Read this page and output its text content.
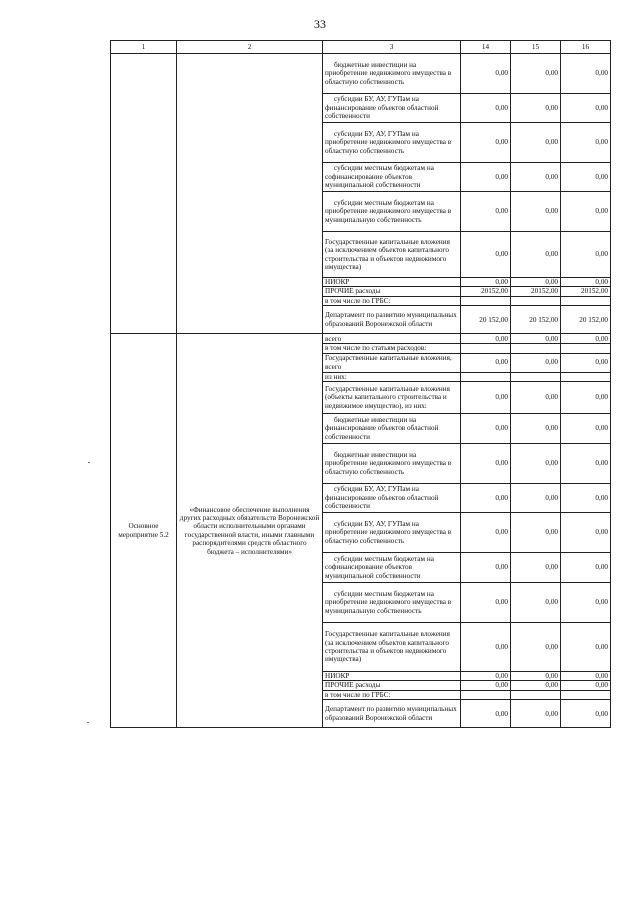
33
1	2	3	14	15	16
		бюджетные инвестиции на приобретение недвижимого имущества в областную собственность	0,00	0,00	0,00
		субсидии БУ, АУ, ГУПам на финансирование объектов областной собственности	0,00	0,00	0,00
		субсидии БУ, АУ, ГУПам на приобретение недвижимого имущества в областную собственность	0,00	0,00	0,00
		субсидии местным бюджетам на софинансирование объектов муниципальной собственности	0,00	0,00	0,00
		субсидии местным бюджетам на приобретение недвижимого имущества в муниципальную собственность	0,00	0,00	0,00
		Государственные капитальные вложения (за исключением объектов капитального строительства и объектов недвижимого имущества)	0,00	0,00	0,00
		НИОКР	0,00	0,00	0,00
		ПРОЧИЕ расходы	20152,00	20152,00	20152,00
		в том числе по ГРБС:			
		Департамент по развитию муниципальных образований Воронежской области	20 152,00	20 152,00	20 152,00
Основное мероприятие 5.2	«Финансовое обеспечение выполнения других расходных обязательств Воронежской области исполнительными органами государственной власти, иными главными распорядителями средств областного бюджета – исполнителями»	всего	0,00	0,00	0,00
		в том числе по статьям расходов:			
		Государственные капитальные вложения, всего	0,00	0,00	0,00
		из них:			
		Государственные капитальные вложения (объекты капитального строительства и недвижимое имущество), из них:	0,00	0,00	0,00
		бюджетные инвестиции на финансирование объектов областной собственности	0,00	0,00	0,00
		бюджетные инвестиции на приобретение недвижимого имущества в областную собственность	0,00	0,00	0,00
		субсидии БУ, АУ, ГУПам на финансирование объектов областной собственности	0,00	0,00	0,00
		субсидии БУ, АУ, ГУПам на приобретение недвижимого имущества в областную собственность	0,00	0,00	0,00
		субсидии местным бюджетам на софинансирование объектов муниципальной собственности	0,00	0,00	0,00
		субсидии местным бюджетам на приобретение недвижимого имущества в муниципальную собственность	0,00	0,00	0,00
		Государственные капитальные вложения (за исключением объектов капитального строительства и объектов недвижимого имущества)	0,00	0,00	0,00
		НИОКР	0,00	0,00	0,00
		ПРОЧИЕ расходы	0,00	0,00	0,00
		в том числе по ГРБС:			
		Департамент по развитию муниципальных образований Воронежской области	0,00	0,00	0,00
